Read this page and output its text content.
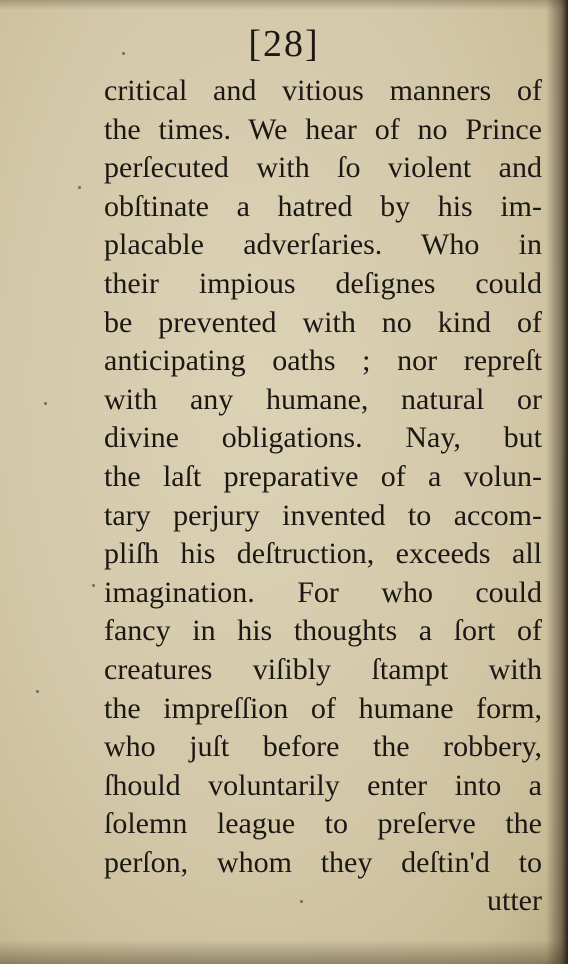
[28]
critical and vitious manners of
the times. We hear of no Prince
perſecuted with ſo violent and
obſtinate a hatred by his im-
placable adverſaries. Who in
their impious deſignes could
be prevented with no kind of
anticipating oaths ; nor repreſt
with any humane, natural or
divine obligations. Nay, but
the laſt preparative of a volun-
tary perjury invented to accom-
pliſh his deſtruction, exceeds all
imagination. For who could
fancy in his thoughts a ſort of
creatures viſibly ſtampt with
the impreſſion of humane form,
who juſt before the robbery,
ſhould voluntarily enter into a
ſolemn league to preſerve the
perſon, whom they deſtin'd to
utter
